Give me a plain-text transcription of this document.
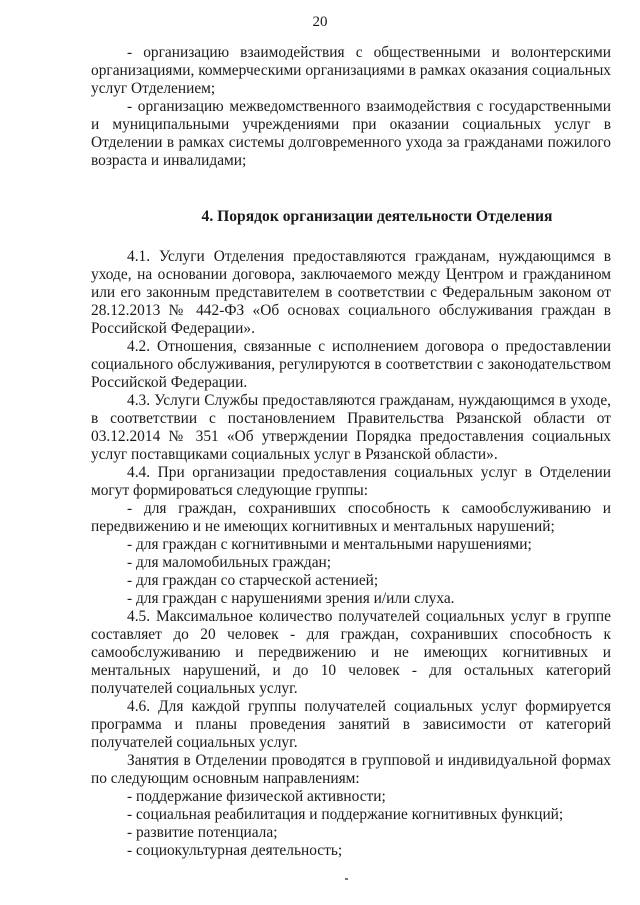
20

- организацию взаимодействия с общественными и волонтерскими организациями, коммерческими организациями в рамках оказания социальных услуг Отделением;

- организацию межведомственного взаимодействия с государственными и муниципальными учреждениями при оказании социальных услуг в Отделении в рамках системы долговременного ухода за гражданами пожилого возраста и инвалидами;

4. Порядок организации деятельности Отделения

4.1. Услуги Отделения предоставляются гражданам, нуждающимся в уходе, на основании договора, заключаемого между Центром и гражданином или его законным представителем в соответствии с Федеральным законом от 28.12.2013 № 442-ФЗ «Об основах социального обслуживания граждан в Российской Федерации».

4.2. Отношения, связанные с исполнением договора о предоставлении социального обслуживания, регулируются в соответствии с законодательством Российской Федерации.

4.3. Услуги Службы предоставляются гражданам, нуждающимся в уходе, в соответствии с постановлением Правительства Рязанской области от 03.12.2014 № 351 «Об утверждении Порядка предоставления социальных услуг поставщиками социальных услуг в Рязанской области».

4.4. При организации предоставления социальных услуг в Отделении могут формироваться следующие группы:

- для граждан, сохранивших способность к самообслуживанию и передвижению и не имеющих когнитивных и ментальных нарушений;

- для граждан с когнитивными и ментальными нарушениями;

- для маломобильных граждан;

- для граждан со старческой астенией;

- для граждан с нарушениями зрения и/или слуха.

4.5. Максимальное количество получателей социальных услуг в группе составляет до 20 человек - для граждан, сохранивших способность к самообслуживанию и передвижению и не имеющих когнитивных и ментальных нарушений, и до 10 человек - для остальных категорий получателей социальных услуг.

4.6. Для каждой группы получателей социальных услуг формируется программа и планы проведения занятий в зависимости от категорий получателей социальных услуг.

Занятия в Отделении проводятся в групповой и индивидуальной формах по следующим основным направлениям:

- поддержание физической активности;

- социальная реабилитация и поддержание когнитивных функций;

- развитие потенциала;

- социокультурная деятельность;
